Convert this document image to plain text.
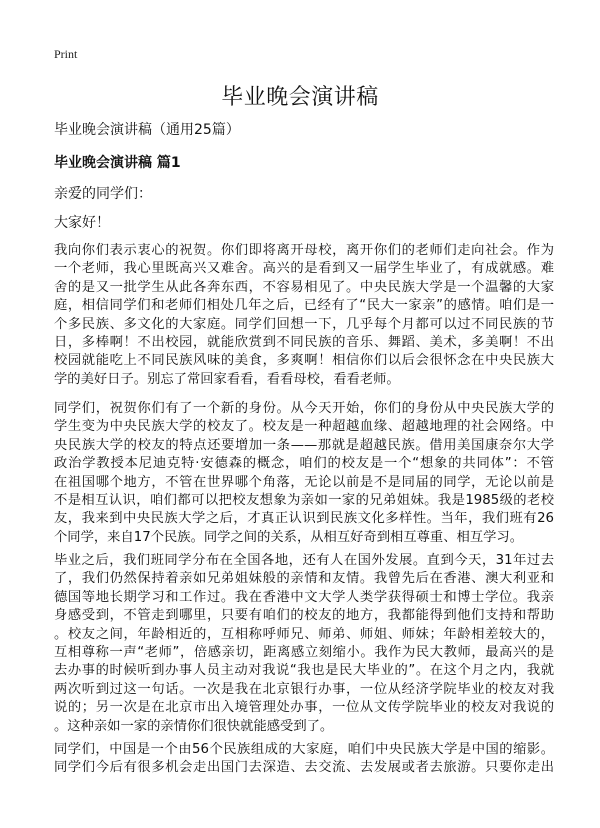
Print
毕业晚会演讲稿

毕业晚会演讲稿（通用25篇）

毕业晚会演讲稿 篇1

亲爱的同学们：

大家好！

我向你们表示衷心的祝贺。你们即将离开母校，离开你们的老师们走向社会。作为
一个老师，我心里既高兴又难舍。高兴的是看到又一届学生毕业了，有成就感。难
舍的是又一批学生从此各奔东西，不容易相见了。中央民族大学是一个温馨的大家
庭，相信同学们和老师们相处几年之后，已经有了“民大一家亲”的感情。咱们是一
个多民族、多文化的大家庭。同学们回想一下，几乎每个月都可以过不同民族的节
日，多棒啊！不出校园，就能欣赏到不同民族的音乐、舞蹈、美术，多美啊！不出
校园就能吃上不同民族风味的美食，多爽啊！相信你们以后会很怀念在中央民族大
学的美好日子。别忘了常回家看看，看看母校，看看老师。
同学们，祝贺你们有了一个新的身份。从今天开始，你们的身份从中央民族大学的
学生变为中央民族大学的校友了。校友是一种超越血缘、超越地理的社会网络。中
央民族大学的校友的特点还要增加一条——那就是超越民族。借用美国康奈尔大学
政治学教授本尼迪克特·安德森的概念，咱们的校友是一个“想象的共同体”：不管
在祖国哪个地方，不管在世界哪个角落，无论以前是不是同届的同学，无论以前是
不是相互认识，咱们都可以把校友想象为亲如一家的兄弟姐妹。我是1985级的老校
友，我来到中央民族大学之后，才真正认识到民族文化多样性。当年，我们班有26
个同学，来自17个民族。同学之间的关系，从相互好奇到相互尊重、相互学习。
毕业之后，我们班同学分布在全国各地，还有人在国外发展。直到今天，31年过去
了，我们仍然保持着亲如兄弟姐妹般的亲情和友情。我曾先后在香港、澳大利亚和
德国等地长期学习和工作过。我在香港中文大学人类学获得硕士和博士学位。我亲
身感受到，不管走到哪里，只要有咱们的校友的地方，我都能得到他们支持和帮助
。校友之间，年龄相近的，互相称呼师兄、师弟、师姐、师妹；年龄相差较大的，
互相尊称一声“老师”，倍感亲切，距离感立刻缩小。我作为民大教师，最高兴的是
去办事的时候听到办事人员主动对我说“我也是民大毕业的”。在这个月之内，我就
两次听到过这一句话。一次是我在北京银行办事，一位从经济学院毕业的校友对我
说的；另一次是在北京市出入境管理处办事，一位从文传学院毕业的校友对我说的
。这种亲如一家的亲情你们很快就能感受到了。
同学们，中国是一个由56个民族组成的大家庭，咱们中央民族大学是中国的缩影。
同学们今后有很多机会走出国门去深造、去交流、去发展或者去旅游。只要你走出
